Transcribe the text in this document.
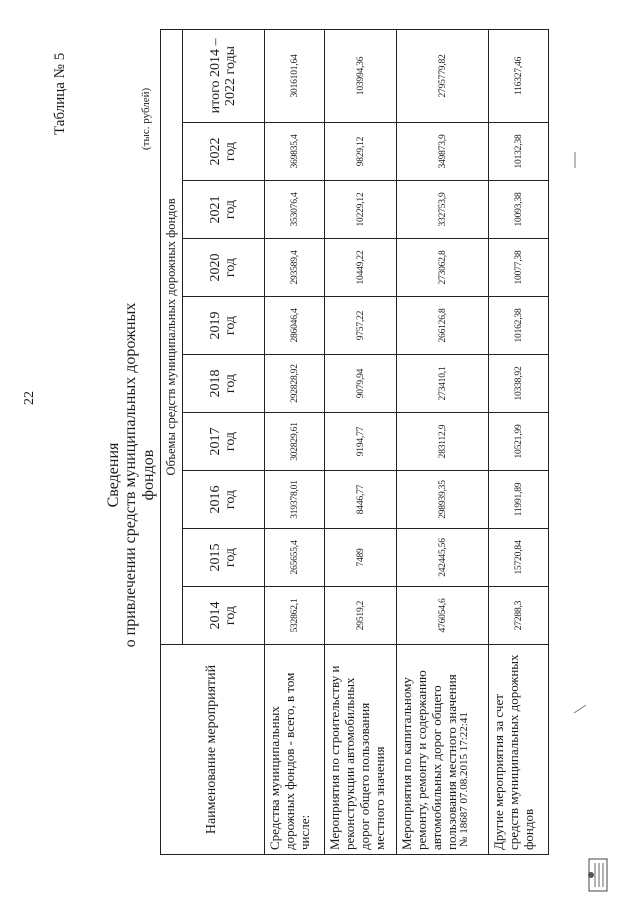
22
Таблица № 5
Сведения о привлечении средств муниципальных дорожных фондов
(тыс. рублей)
Наименование мероприятий	Объемы средств муниципальных дорожных фондов									
	2014 год	2015 год	2016 год	2017 год	2018 год	2019 год	2020 год	2021 год	2022 год	итого 2014 – 2022 годы
Средства муниципальных дорожных фондов - всего, в том числе:	532862,1	265655,4	319378,01	302829,61	292828,92	286046,4	293589,4	353076,4	369835,4	3016101,64
Мероприятия по строительству и реконструкции автомобильных дорог общего пользования местного значения	29519,2	7489	8446,77	9194,77	9079,94	9757,22	10449,22	10229,12	9829,12	103994,36
Мероприятия по капитальному ремонту, ремонту и содержанию автомобильных дорог общего пользования местного значения	476054,6	242445,56	298939,35	283112,9	273410,1	266126,8	273062,8	332753,9	349873,9	2795779,82
Другие мероприятия за счет средств муниципальных дорожных фондов	27288,3	15720,84	11991,89	10521,99	10338,92	10162,38	10077,38	10093,38	10132,38	116327,46
№ 18687 07.08.2015 17:22:41
